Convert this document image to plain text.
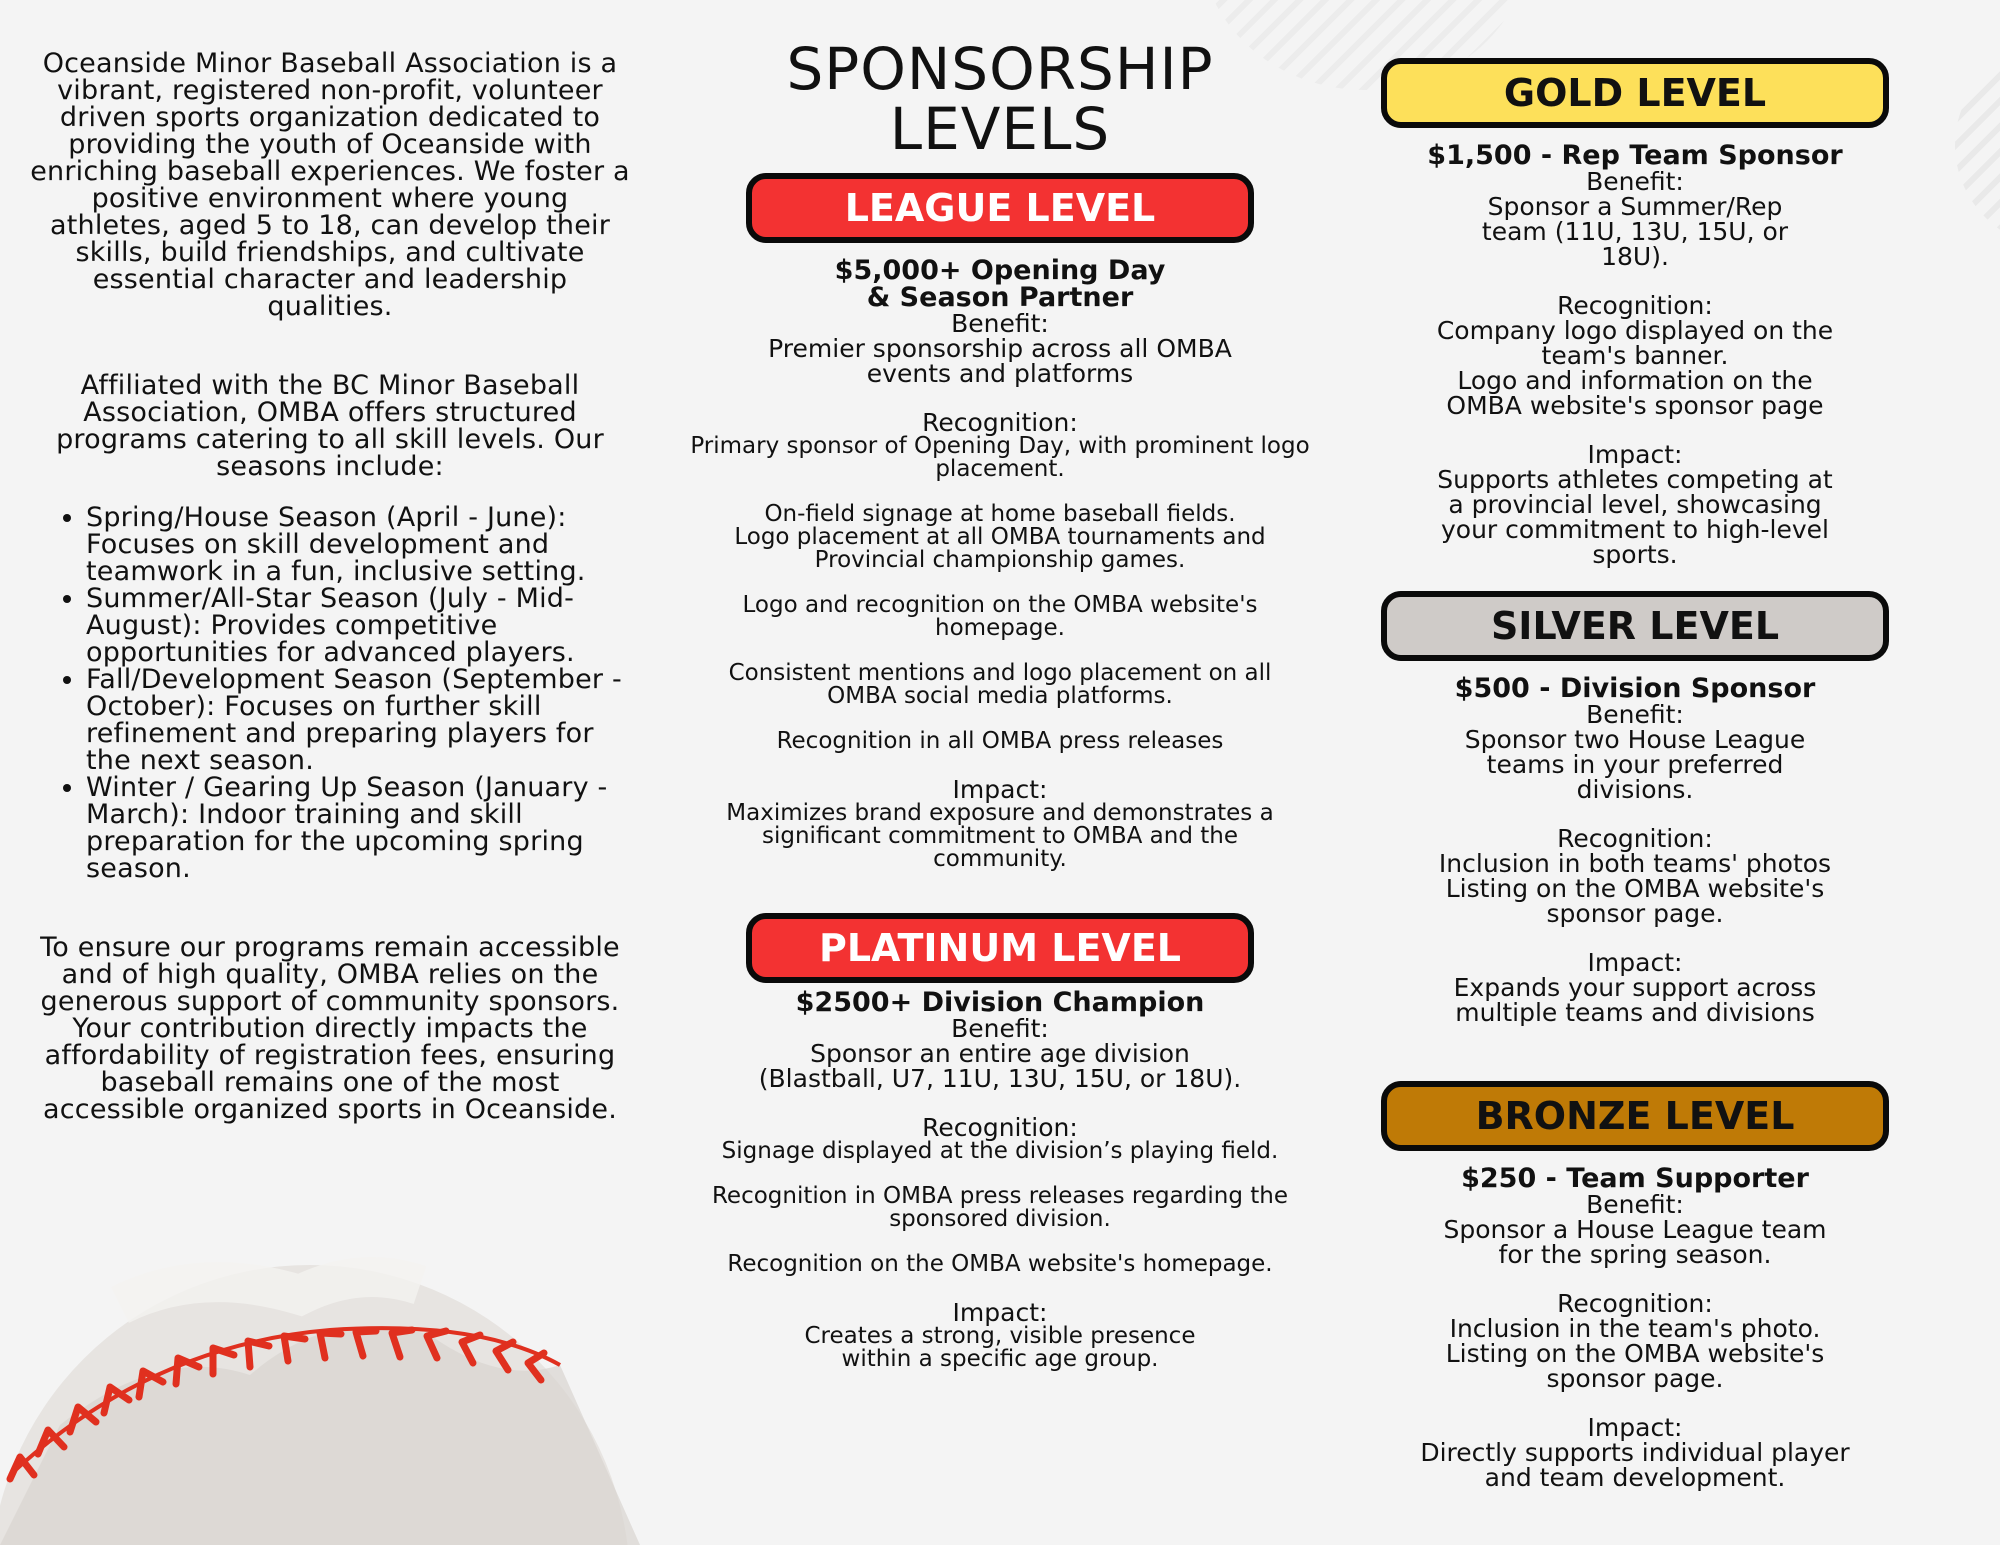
Oceanside Minor Baseball Association is a vibrant, registered non-profit, volunteer driven sports organization dedicated to providing the youth of Oceanside with enriching baseball experiences. We foster a positive environment where young athletes, aged 5 to 18, can develop their skills, build friendships, and cultivate essential character and leadership qualities.

Affiliated with the BC Minor Baseball Association, OMBA offers structured programs catering to all skill levels. Our seasons include:

• Spring/House Season (April - June): Focuses on skill development and teamwork in a fun, inclusive setting.
• Summer/All-Star Season (July - Mid-August): Provides competitive opportunities for advanced players.
• Fall/Development Season (September - October): Focuses on further skill refinement and preparing players for the next season.
• Winter / Gearing Up Season (January - March): Indoor training and skill preparation for the upcoming spring season.

To ensure our programs remain accessible and of high quality, OMBA relies on the generous support of community sponsors. Your contribution directly impacts the affordability of registration fees, ensuring baseball remains one of the most accessible organized sports in Oceanside.

SPONSORSHIP
LEVELS
LEAGUE LEVEL
$5,000+ Opening Day
& Season Partner
Benefit:
Premier sponsorship across all OMBA events and platforms
Recognition:
Primary sponsor of Opening Day, with prominent logo placement.
On-field signage at home baseball fields.
Logo placement at all OMBA tournaments and Provincial championship games.
Logo and recognition on the OMBA website's homepage.
Consistent mentions and logo placement on all OMBA social media platforms.
Recognition in all OMBA press releases
Impact:
Maximizes brand exposure and demonstrates a significant commitment to OMBA and the community.
PLATINUM LEVEL
$2500+ Division Champion
Benefit:
Sponsor an entire age division (Blastball, U7, 11U, 13U, 15U, or 18U).
Recognition:
Signage displayed at the division’s playing field.
Recognition in OMBA press releases regarding the sponsored division.
Recognition on the OMBA website's homepage.
Impact:
Creates a strong, visible presence within a specific age group.
GOLD LEVEL
$1,500 - Rep Team Sponsor
Benefit:
Sponsor a Summer/Rep team (11U, 13U, 15U, or 18U).
Recognition:
Company logo displayed on the team's banner.
Logo and information on the OMBA website's sponsor page
Impact:
Supports athletes competing at a provincial level, showcasing your commitment to high-level sports.
SILVER LEVEL
$500 - Division Sponsor
Benefit:
Sponsor two House League teams in your preferred divisions.
Recognition:
Inclusion in both teams' photos
Listing on the OMBA website's sponsor page.
Impact:
Expands your support across multiple teams and divisions
BRONZE LEVEL
$250 - Team Supporter
Benefit:
Sponsor a House League team for the spring season.
Recognition:
Inclusion in the team's photo.
Listing on the OMBA website's sponsor page.
Impact:
Directly supports individual player and team development.
